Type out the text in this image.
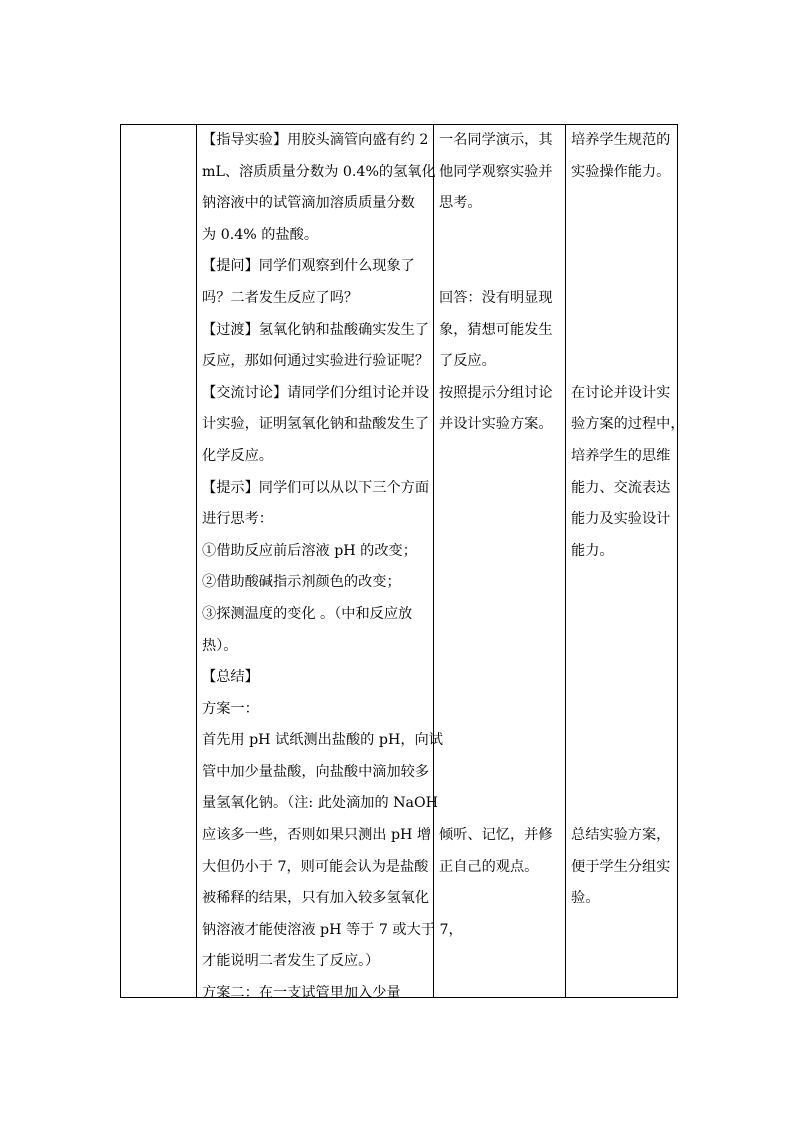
【指导实验】用胶头滴管向盛有约 2

mL、溶质质量分数为 0.4%的氢氧化

钠溶液中的试管滴加溶质质量分数

为 0.4% 的盐酸。

【提问】同学们观察到什么现象了

吗？二者发生反应了吗？

【过渡】氢氧化钠和盐酸确实发生了

反应，那如何通过实验进行验证呢？

【交流讨论】请同学们分组讨论并设

计实验，证明氢氧化钠和盐酸发生了

化学反应。

【提示】同学们可以从以下三个方面

进行思考：

①借助反应前后溶液 pH 的改变；

②借助酸碱指示剂颜色的改变；

③探测温度的变化 。（中和反应放

热）。

【总结】

方案一：

首先用 pH 试纸测出盐酸的 pH，向试

管中加少量盐酸，向盐酸中滴加较多

量氢氧化钠。（注: 此处滴加的 NaOH

应该多一些，否则如果只测出 pH 增

大但仍小于 7，则可能会认为是盐酸

被稀释的结果，只有加入较多氢氧化

钠溶液才能使溶液 pH 等于 7 或大于 7，

才能说明二者发生了反应。）

方案二：在一支试管里加入少量

一名同学演示，其

他同学观察实验并

思考。

回答：没有明显现

象，猜想可能发生

了反应。

按照提示分组讨论

并设计实验方案。

倾听、记忆，并修

正自己的观点。

培养学生规范的

实验操作能力。

在讨论并设计实

验方案的过程中，

培养学生的思维

能力、交流表达

能力及实验设计

能力。

总结实验方案，

便于学生分组实

验。
